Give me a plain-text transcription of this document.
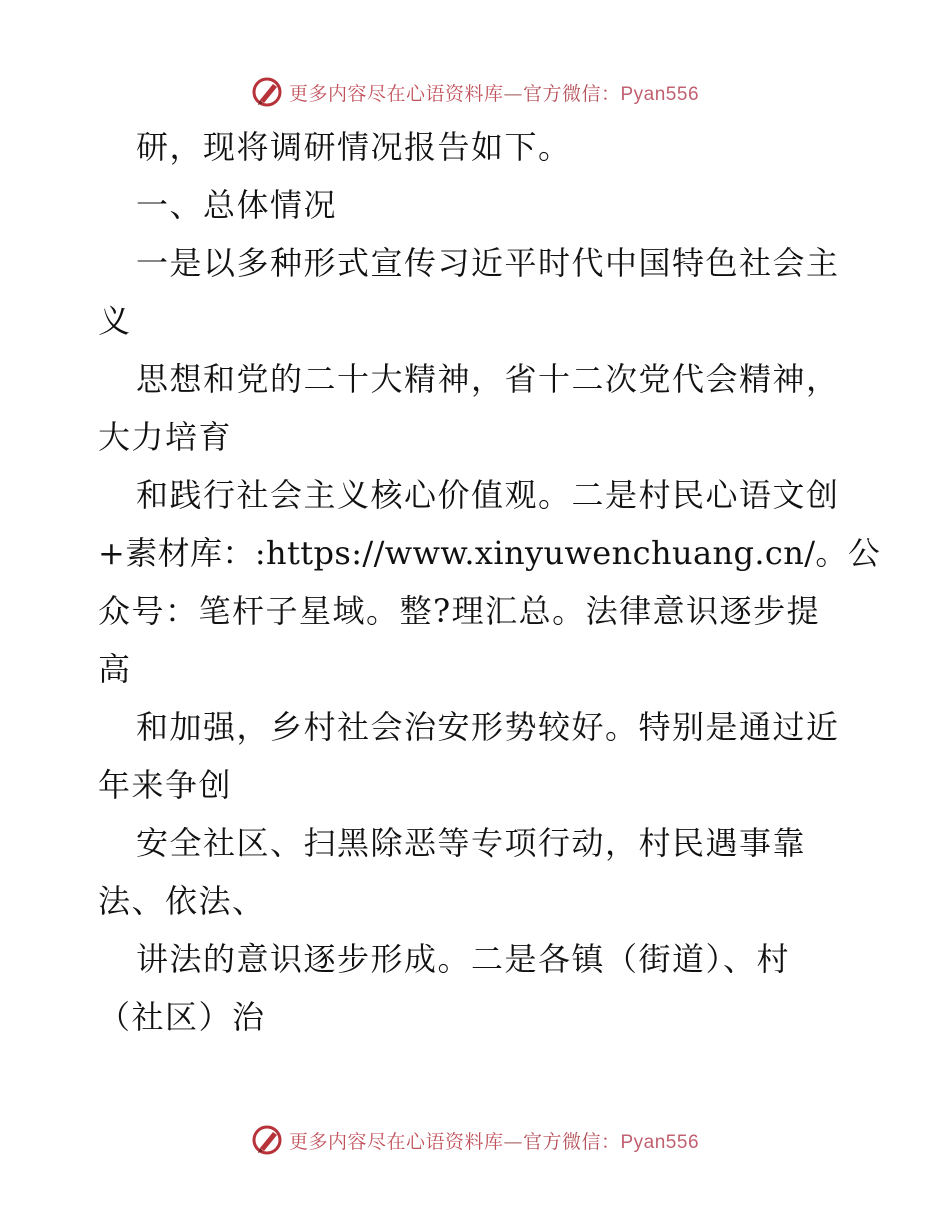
更多内容尽在心语资料库—官方微信：Pyan556
研，现将调研情况报告如下。
一、总体情况
一是以多种形式宣传习近平时代中国特色社会主
义
思想和党的二十大精神，省十二次党代会精神，
大力培育
和践行社会主义核心价值观。二是村民心语文创
+素材库：:https://www.xinyuwenchuang.cn/。公
众号：笔杆子星域。整?理汇总。法律意识逐步提
高
和加强，乡村社会治安形势较好。特别是通过近
年来争创
安全社区、扫黑除恶等专项行动，村民遇事靠
法、依法、
讲法的意识逐步形成。二是各镇（街道）、村
（社区）治
更多内容尽在心语资料库—官方微信：Pyan556
